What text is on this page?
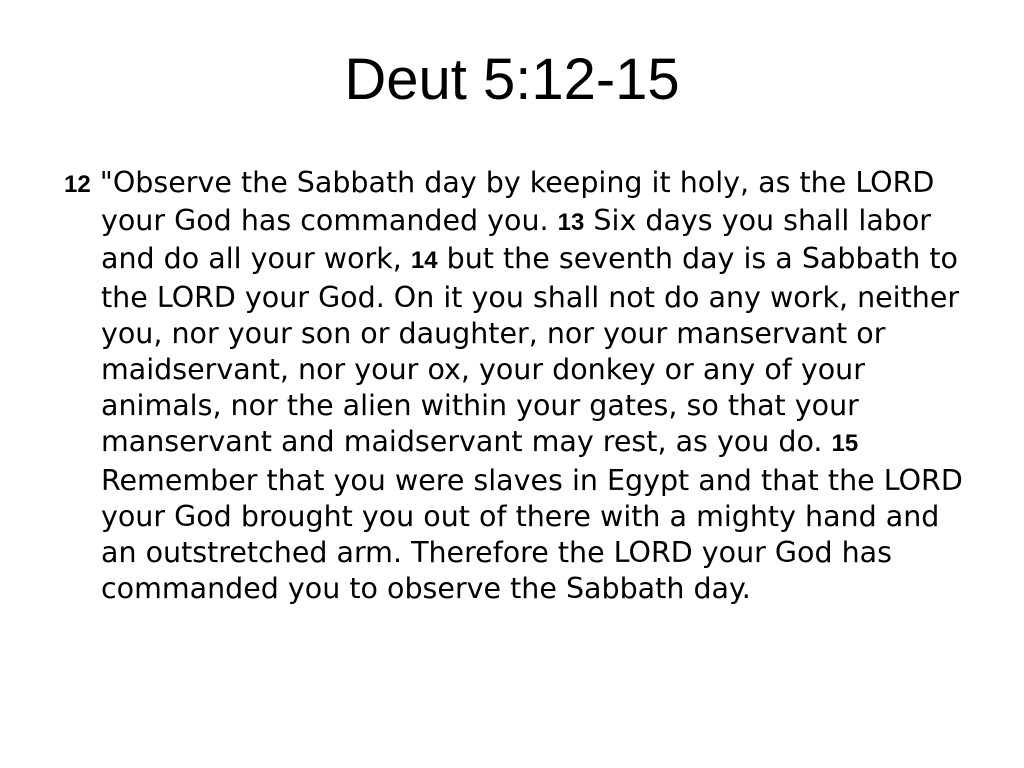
Deut 5:12-15

12 "Observe the Sabbath day by keeping it holy, as the LORD your God has commanded you. 13 Six days you shall labor and do all your work, 14 but the seventh day is a Sabbath to the LORD your God. On it you shall not do any work, neither you, nor your son or daughter, nor your manservant or maidservant, nor your ox, your donkey or any of your animals, nor the alien within your gates, so that your manservant and maidservant may rest, as you do. 15 Remember that you were slaves in Egypt and that the LORD your God brought you out of there with a mighty hand and an outstretched arm. Therefore the LORD your God has commanded you to observe the Sabbath day.
